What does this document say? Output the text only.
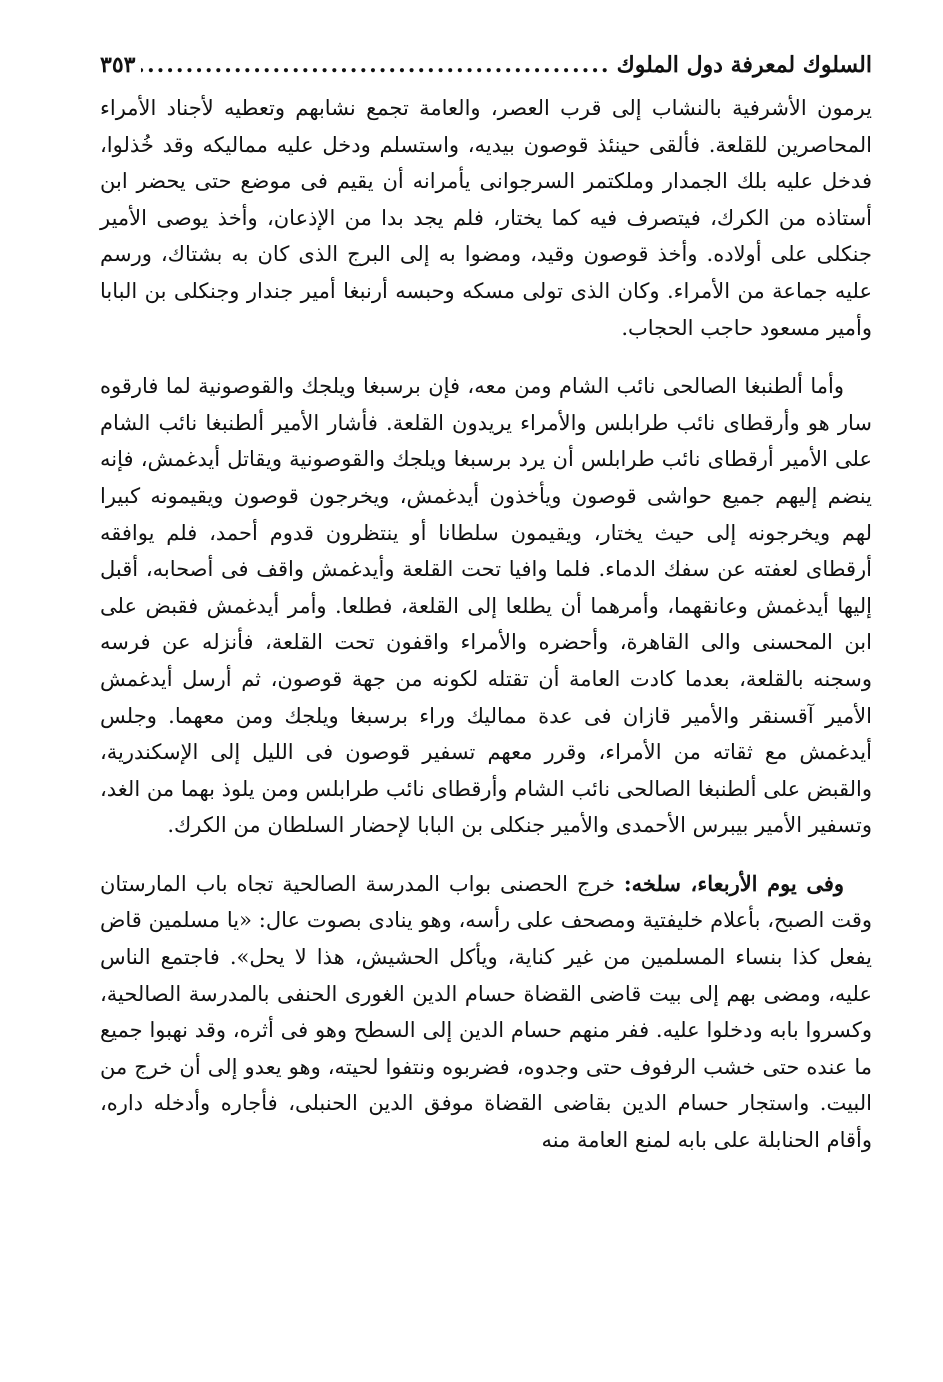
السلوك لمعرفة دول الملوك
.....
٣٥٣

يرمون الأشرفية بالنشاب إلى قرب العصر، والعامة تجمع نشابهم وتعطيه لأجناد الأمراء المحاصرين للقلعة. فألقى حينئذ قوصون بيديه، واستسلم ودخل عليه مماليكه وقد خُذلوا، فدخل عليه بلك الجمدار وملكتمر السرجوانى يأمرانه أن يقيم فى موضع حتى يحضر ابن أستاذه من الكرك، فيتصرف فيه كما يختار، فلم يجد بدا من الإذعان، وأخذ يوصى الأمير جنكلى على أولاده. وأخذ قوصون وقيد، ومضوا به إلى البرج الذى كان به بشتاك، ورسم عليه جماعة من الأمراء. وكان الذى تولى مسكه وحبسه أرنبغا أمير جندار وجنكلى بن البابا وأمير مسعود حاجب الحجاب.

وأما ألطنبغا الصالحى نائب الشام ومن معه، فإن برسبغا ويلجك والقوصونية لما فارقوه سار هو وأرقطاى نائب طرابلس والأمراء يريدون القلعة. فأشار الأمير ألطنبغا نائب الشام على الأمير أرقطاى نائب طرابلس أن يرد برسبغا ويلجك والقوصونية ويقاتل أيدغمش، فإنه ينضم إليهم جميع حواشى قوصون ويأخذون أيدغمش، ويخرجون قوصون ويقيمونه كبيرا لهم ويخرجونه إلى حيث يختار، ويقيمون سلطانا أو ينتظرون قدوم أحمد، فلم يوافقه أرقطاى لعفته عن سفك الدماء. فلما وافيا تحت القلعة وأيدغمش واقف فى أصحابه، أقبل إليها أيدغمش وعانقهما، وأمرهما أن يطلعا إلى القلعة، فطلعا. وأمر أيدغمش فقبض على ابن المحسنى والى القاهرة، وأحضره والأمراء واقفون تحت القلعة، فأنزله عن فرسه وسجنه بالقلعة، بعدما كادت العامة أن تقتله لكونه من جهة قوصون، ثم أرسل أيدغمش الأمير آقسنقر والأمير قازان فى عدة مماليك وراء برسبغا ويلجك ومن معهما. وجلس أيدغمش مع ثقاته من الأمراء، وقرر معهم تسفير قوصون فى الليل إلى الإسكندرية، والقبض على ألطنبغا الصالحى نائب الشام وأرقطاى نائب طرابلس ومن يلوذ بهما من الغد، وتسفير الأمير بيبرس الأحمدى والأمير جنكلى بن البابا لإحضار السلطان من الكرك.

وفى يوم الأربعاء، سلخه: خرج الحصنى بواب المدرسة الصالحية تجاه باب المارستان وقت الصبح، بأعلام خليفتية ومصحف على رأسه، وهو ينادى بصوت عال: «يا مسلمين قاض يفعل كذا بنساء المسلمين من غير كناية، ويأكل الحشيش، هذا لا يحل». فاجتمع الناس عليه، ومضى بهم إلى بيت قاضى القضاة حسام الدين الغورى الحنفى بالمدرسة الصالحية، وكسروا بابه ودخلوا عليه. ففر منهم حسام الدين إلى السطح وهو فى أثره، وقد نهبوا جميع ما عنده حتى خشب الرفوف حتى وجدوه، فضربوه ونتفوا لحيته، وهو يعدو إلى أن خرج من البيت. واستجار حسام الدين بقاضى القضاة موفق الدين الحنبلى، فأجاره وأدخله داره، وأقام الحنابلة على بابه لمنع العامة منه
